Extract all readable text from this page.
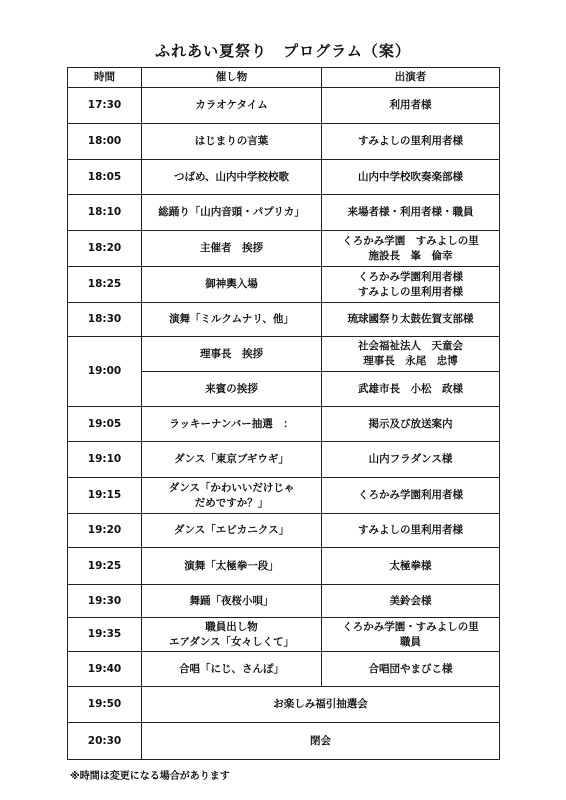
ふれあい夏祭り　プログラム（案）
時間	催し物	出演者
17:30	カラオケタイム	利用者様

18:00	はじまりの言葉	すみよしの里利用者様

18:05	つばめ、山内中学校校歌	山内中学校吹奏楽部様

18:10	総踊り「山内音頭・パプリカ」	来場者様・利用者様・職員

18:20	主催者　挨拶	くろかみ学園　すみよしの里
施設長　峯　倫幸

18:25	御神輿入場	くろかみ学園利用者様
すみよしの里利用者様

18:30	演舞「ミルクムナリ、他」	琉球國祭り太鼓佐賀支部様

19:00	理事長　挨拶	社会福祉法人　天童会
理事長　永尾　忠博

	来賓の挨拶	武雄市長　小松　政様

19:05	ラッキーナンバー抽選　：	掲示及び放送案内

19:10	ダンス「東京ブギウギ」	山内フラダンス様

19:15	ダンス「かわいいだけじゃ
だめですか？」	くろかみ学園利用者様

19:20	ダンス「エビカニクス」	すみよしの里利用者様

19:25	演舞「太極拳一段」	太極拳様

19:30	舞踊「夜桜小唄」	美鈴会様

19:35	職員出し物
エアダンス「女々しくて」	くろかみ学園・すみよしの里
職員

19:40	合唱「にじ、さんぽ」	合唱団やまびこ様

19:50	お楽しみ福引抽選会	
20:30	閉会	
※時間は変更になる場合があります
